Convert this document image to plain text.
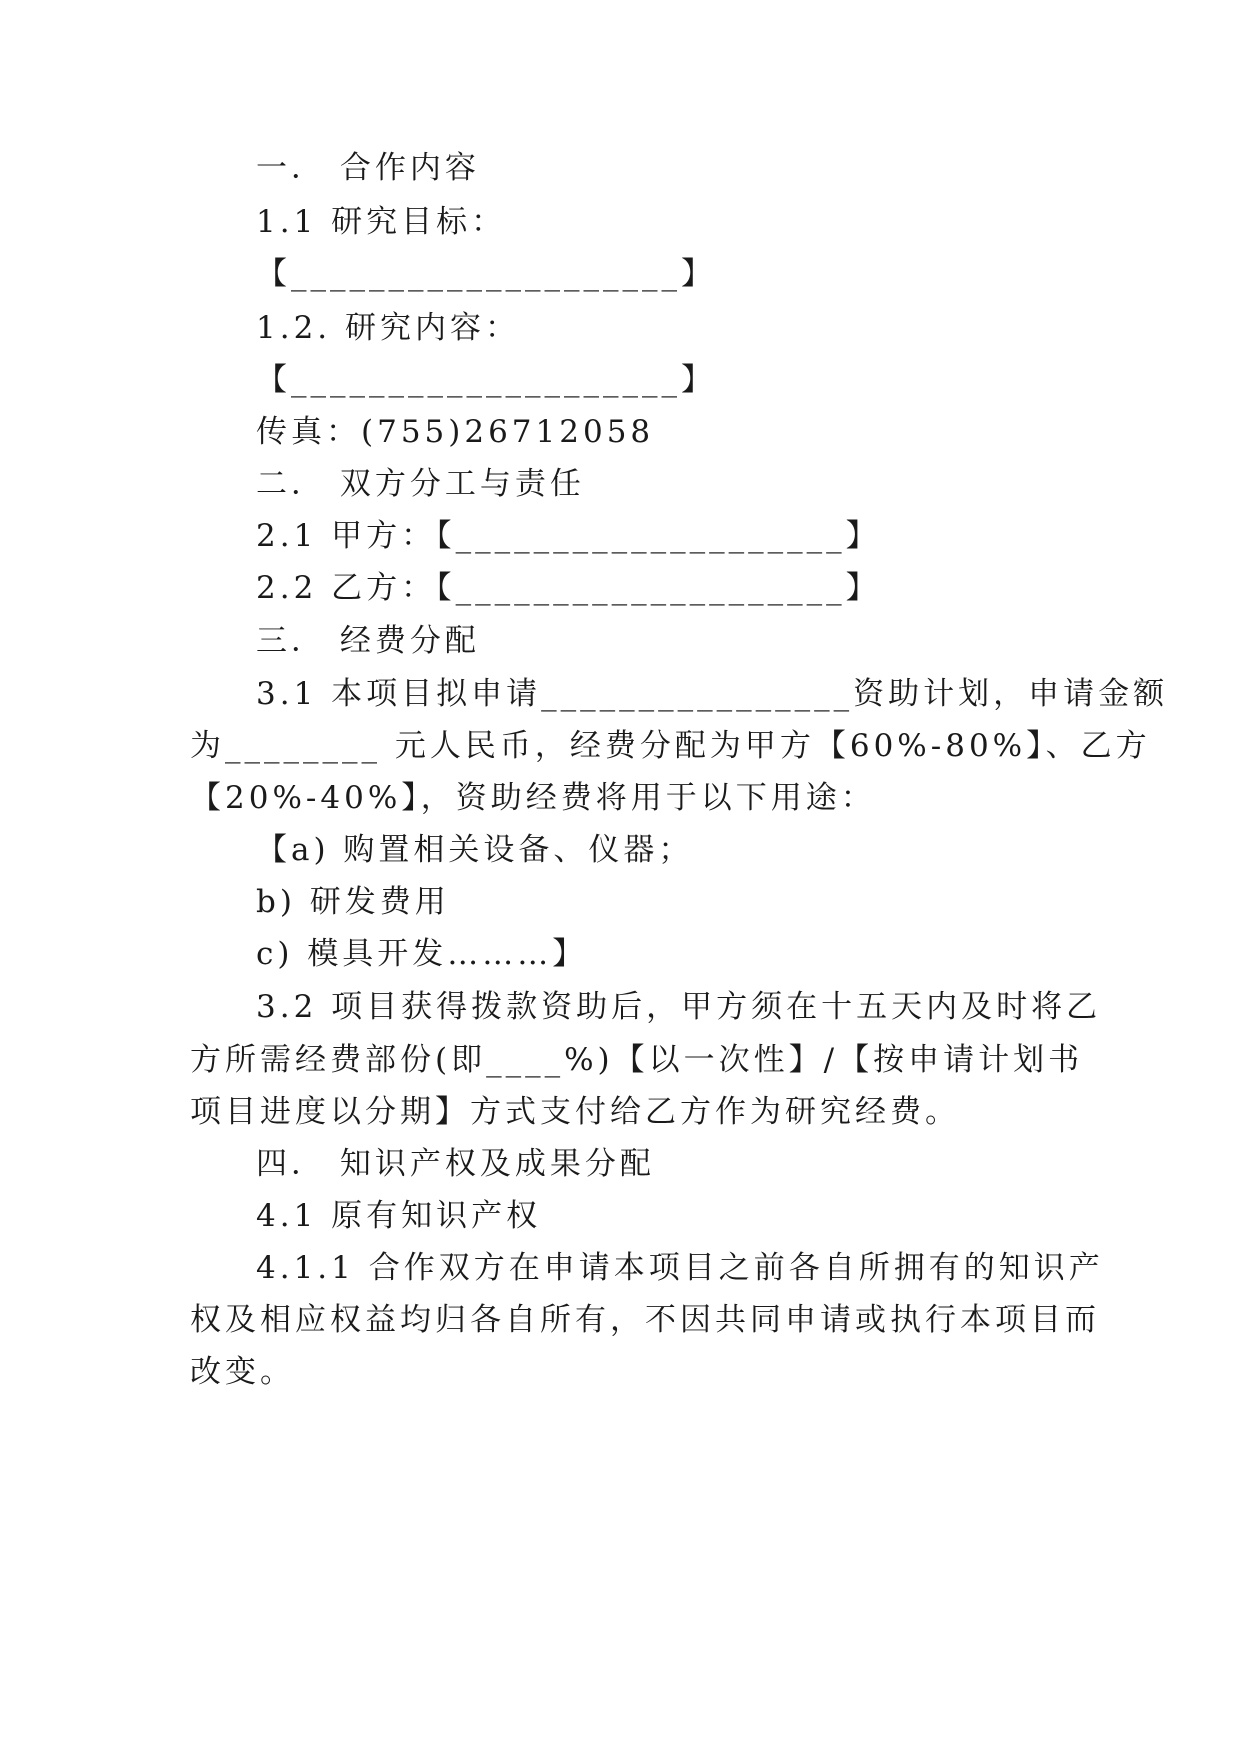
一． 合作内容
1.1 研究目标：
【____________________】
1.2. 研究内容：
【____________________】
传真：(755)26712058
二． 双方分工与责任
2.1 甲方：【____________________】
2.2 乙方：【____________________】
三． 经费分配
3.1 本项目拟申请________________资助计划，申请金额
为________ 元人民币，经费分配为甲方【60%-80%】、乙方
【20%-40%】，资助经费将用于以下用途：
【a) 购置相关设备、仪器；
b) 研发费用
c) 模具开发………】
3.2 项目获得拨款资助后，甲方须在十五天内及时将乙
方所需经费部份(即____%)【以一次性】/【按申请计划书
项目进度以分期】方式支付给乙方作为研究经费。
四． 知识产权及成果分配
4.1 原有知识产权
4.1.1 合作双方在申请本项目之前各自所拥有的知识产
权及相应权益均归各自所有，不因共同申请或执行本项目而
改变。
